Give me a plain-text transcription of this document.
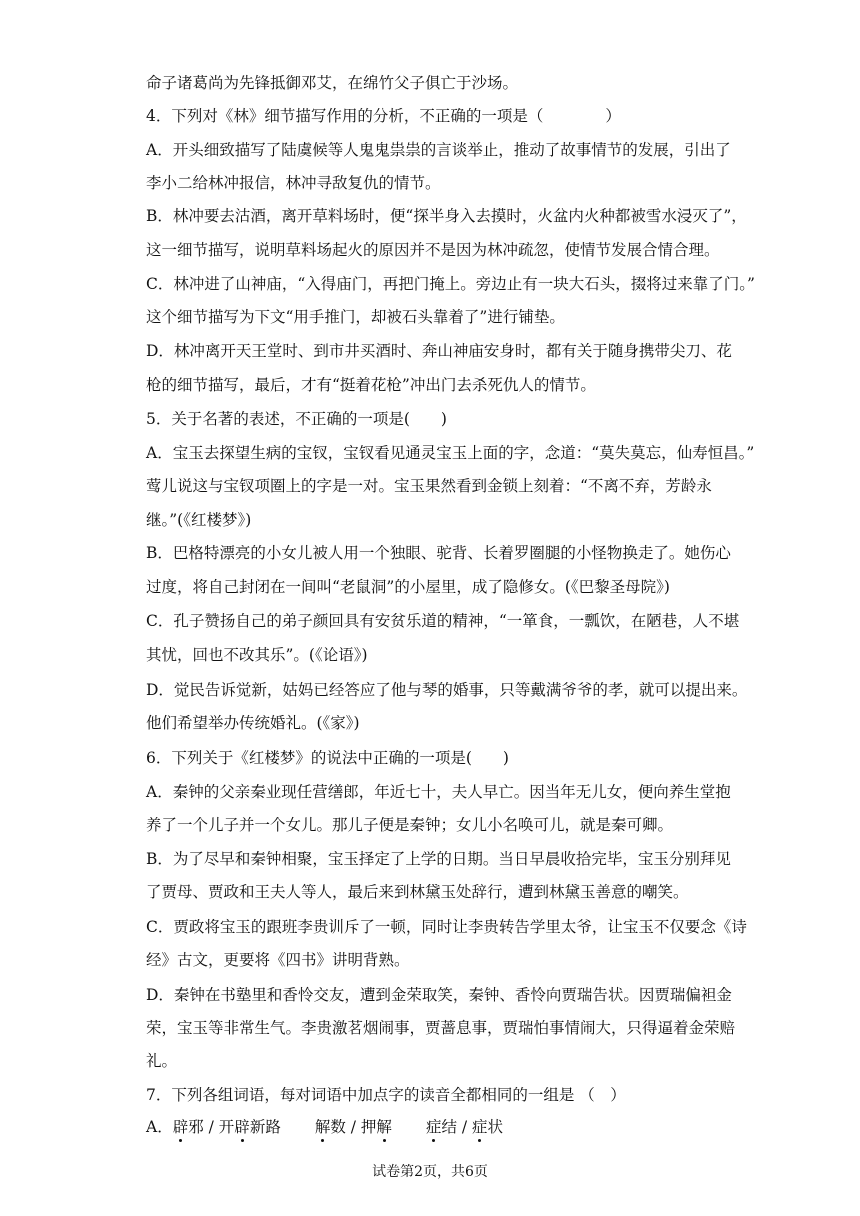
命子诸葛尚为先锋抵御邓艾，在绵竹父子俱亡于沙场。
4．下列对《林》细节描写作用的分析，不正确的一项是（　　　　）
A．开头细致描写了陆虞候等人鬼鬼祟祟的言谈举止，推动了故事情节的发展，引出了
李小二给林冲报信，林冲寻敌复仇的情节。
B．林冲要去沽酒，离开草料场时，便“探半身入去摸时，火盆内火种都被雪水浸灭了”，
这一细节描写，说明草料场起火的原因并不是因为林冲疏忽，使情节发展合情合理。
C．林冲进了山神庙，“入得庙门，再把门掩上。旁边止有一块大石头，掇将过来靠了门。”
这个细节描写为下文“用手推门，却被石头靠着了”进行铺垫。
D．林冲离开天王堂时、到市井买酒时、奔山神庙安身时，都有关于随身携带尖刀、花
枪的细节描写，最后，才有“挺着花枪”冲出门去杀死仇人的情节。
5．关于名著的表述，不正确的一项是(　　)
A．宝玉去探望生病的宝钗，宝钗看见通灵宝玉上面的字，念道：“莫失莫忘，仙寿恒昌。”
莺儿说这与宝钗项圈上的字是一对。宝玉果然看到金锁上刻着：“不离不弃，芳龄永
继。”(《红楼梦》)
B．巴格特漂亮的小女儿被人用一个独眼、驼背、长着罗圈腿的小怪物换走了。她伤心
过度，将自己封闭在一间叫“老鼠洞”的小屋里，成了隐修女。(《巴黎圣母院》)
C．孔子赞扬自己的弟子颜回具有安贫乐道的精神，“一箪食，一瓢饮，在陋巷，人不堪
其忧，回也不改其乐”。(《论语》)
D．觉民告诉觉新，姑妈已经答应了他与琴的婚事，只等戴满爷爷的孝，就可以提出来。
他们希望举办传统婚礼。(《家》)
6．下列关于《红楼梦》的说法中正确的一项是(　　)
A．秦钟的父亲秦业现任营缮郎，年近七十，夫人早亡。因当年无儿女，便向养生堂抱
养了一个儿子并一个女儿。那儿子便是秦钟；女儿小名唤可儿，就是秦可卿。
B．为了尽早和秦钟相聚，宝玉择定了上学的日期。当日早晨收拾完毕，宝玉分别拜见
了贾母、贾政和王夫人等人，最后来到林黛玉处辞行，遭到林黛玉善意的嘲笑。
C．贾政将宝玉的跟班李贵训斥了一顿，同时让李贵转告学里太爷，让宝玉不仅要念《诗
经》古文，更要将《四书》讲明背熟。
D．秦钟在书塾里和香怜交友，遭到金荣取笑，秦钟、香怜向贾瑞告状。因贾瑞偏袒金
荣，宝玉等非常生气。李贵激茗烟闹事，贾蔷息事，贾瑞怕事情闹大，只得逼着金荣赔
礼。
7．下列各组词语，每对词语中加点字的读音全都相同的一组是 （　）
A．辟邪 / 开辟新路 解数 / 押解 症结 / 症状
试卷第2页，共6页
